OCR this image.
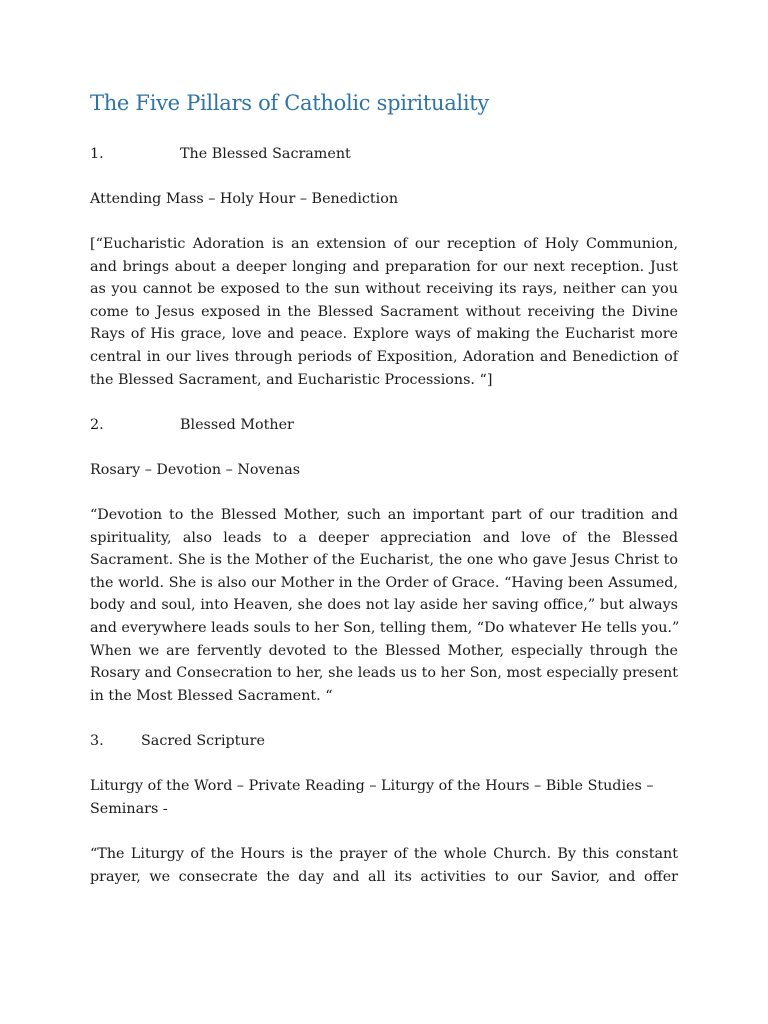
The Five Pillars of Catholic spirituality

1.	The Blessed Sacrament

Attending Mass – Holy Hour – Benediction

[“Eucharistic Adoration is an extension of our reception of Holy Communion,
and brings about a deeper longing and preparation for our next reception. Just
as you cannot be exposed to the sun without receiving its rays, neither can you
come to Jesus exposed in the Blessed Sacrament without receiving the Divine
Rays of His grace, love and peace. Explore ways of making the Eucharist more
central in our lives through periods of Exposition, Adoration and Benediction of
the Blessed Sacrament, and Eucharistic Processions. “]

2.	Blessed Mother

Rosary – Devotion – Novenas

“Devotion to the Blessed Mother, such an important part of our tradition and
spirituality, also leads to a deeper appreciation and love of the Blessed
Sacrament. She is the Mother of the Eucharist, the one who gave Jesus Christ to
the world. She is also our Mother in the Order of Grace. “Having been Assumed,
body and soul, into Heaven, she does not lay aside her saving office,” but always
and everywhere leads souls to her Son, telling them, “Do whatever He tells you.”
When we are fervently devoted to the Blessed Mother, especially through the
Rosary and Consecration to her, she leads us to her Son, most especially present
in the Most Blessed Sacrament. “

3.	Sacred Scripture

Liturgy of the Word – Private Reading – Liturgy of the Hours – Bible Studies –
Seminars -
“The Liturgy of the Hours is the prayer of the whole Church. By this constant
prayer, we consecrate the day and all its activities to our Savior, and offer
